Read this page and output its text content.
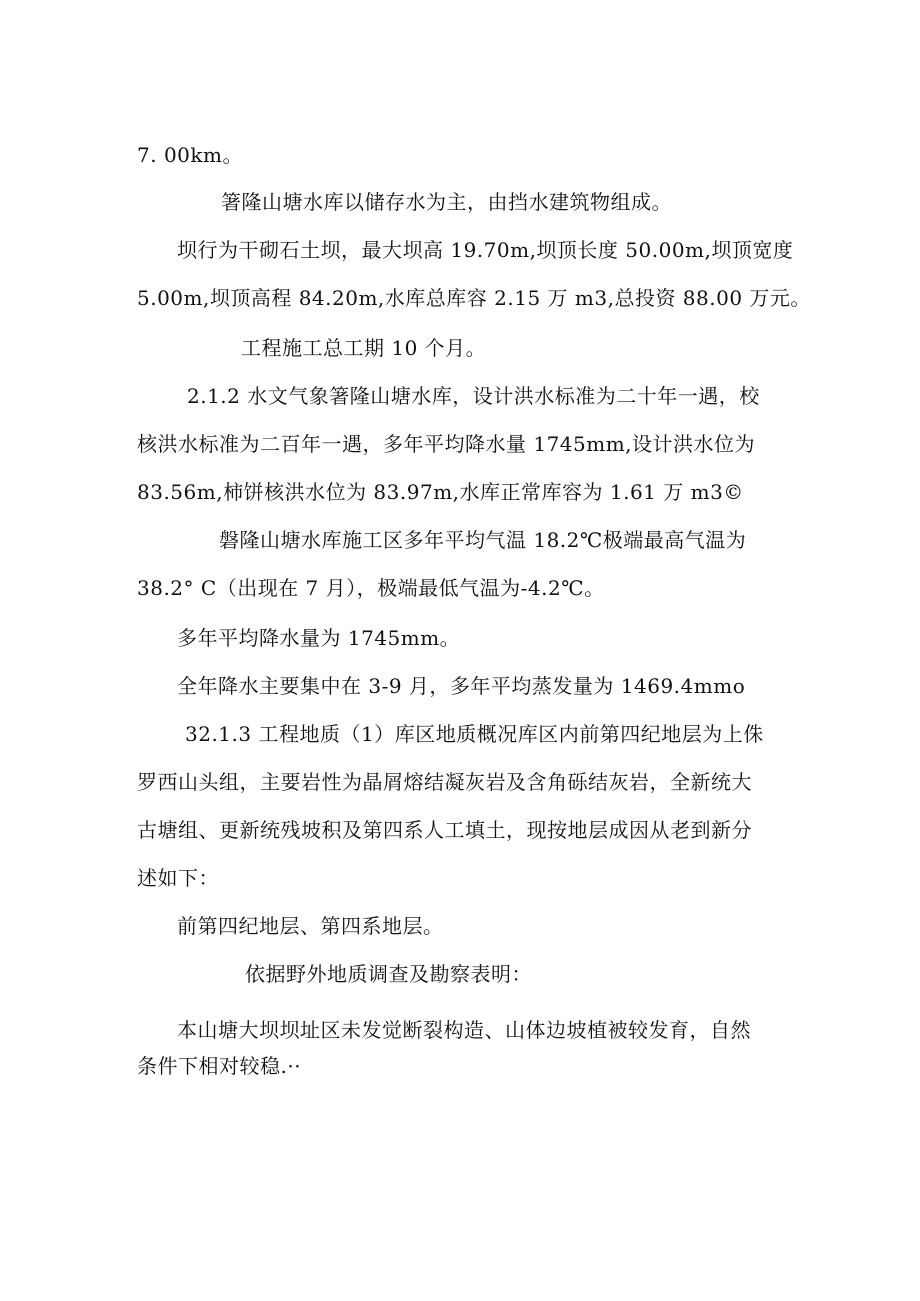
7. 00km。
箸隆山塘水库以储存水为主，由挡水建筑物组成。
坝行为干砌石土坝，最大坝高 19.70m,坝顶长度 50.00m,坝顶宽度
5.00m,坝顶高程 84.20m,水库总库容 2.15 万 m3,总投资 88.00 万元。
工程施工总工期 10 个月。
2.1.2 水文气象箸隆山塘水库，设计洪水标准为二十年一遇，校
核洪水标准为二百年一遇，多年平均降水量 1745mm,设计洪水位为
83.56m,柿饼核洪水位为 83.97m,水库正常库容为 1.61 万 m3©
磐隆山塘水库施工区多年平均气温 18.2℃极端最高气温为
38.2° C（出现在 7 月），极端最低气温为-4.2℃。
多年平均降水量为 1745mm。
全年降水主要集中在 3-9 月，多年平均蒸发量为 1469.4mmo
32.1.3 工程地质（1）库区地质概况库区内前第四纪地层为上侏
罗西山头组，主要岩性为晶屑熔结凝灰岩及含角砾结灰岩，全新统大
古塘组、更新统残坡积及第四系人工填土，现按地层成因从老到新分
述如下：
前第四纪地层、第四系地层。
依据野外地质调查及勘察表明：
本山塘大坝坝址区未发觉断裂构造、山体边坡植被较发育，自然
条件下相对较稳.··
